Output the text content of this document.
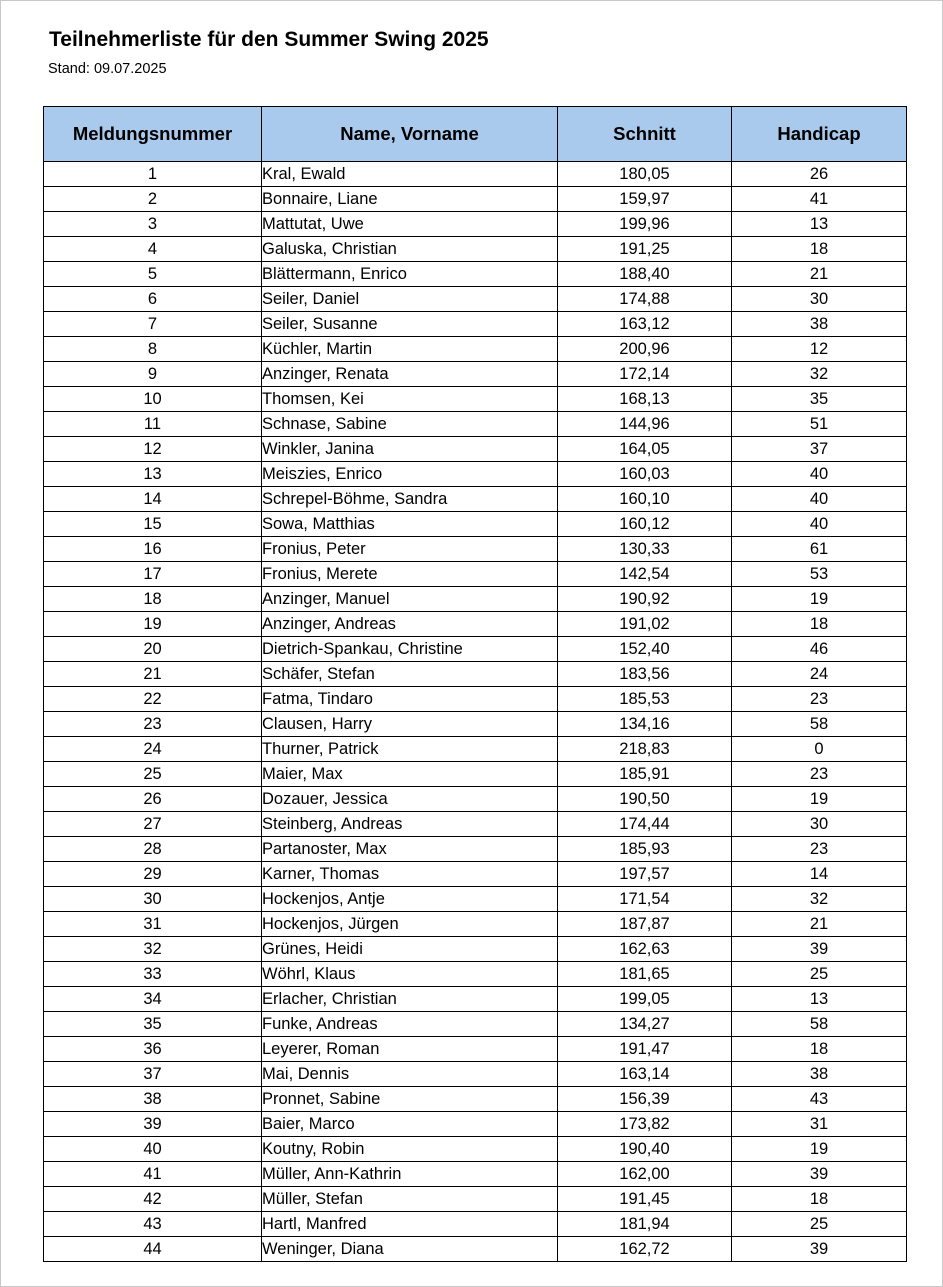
Teilnehmerliste für den Summer Swing 2025
Stand: 09.07.2025
Meldungsnummer	Name, Vorname	Schnitt	Handicap
1	Kral, Ewald	180,05	26
2	Bonnaire, Liane	159,97	41
3	Mattutat, Uwe	199,96	13
4	Galuska, Christian	191,25	18
5	Blättermann, Enrico	188,40	21
6	Seiler, Daniel	174,88	30
7	Seiler, Susanne	163,12	38
8	Küchler, Martin	200,96	12
9	Anzinger, Renata	172,14	32
10	Thomsen, Kei	168,13	35
11	Schnase, Sabine	144,96	51
12	Winkler, Janina	164,05	37
13	Meiszies, Enrico	160,03	40
14	Schrepel-Böhme, Sandra	160,10	40
15	Sowa, Matthias	160,12	40
16	Fronius, Peter	130,33	61
17	Fronius, Merete	142,54	53
18	Anzinger, Manuel	190,92	19
19	Anzinger, Andreas	191,02	18
20	Dietrich-Spankau, Christine	152,40	46
21	Schäfer, Stefan	183,56	24
22	Fatma, Tindaro	185,53	23
23	Clausen, Harry	134,16	58
24	Thurner, Patrick	218,83	0
25	Maier, Max	185,91	23
26	Dozauer, Jessica	190,50	19
27	Steinberg, Andreas	174,44	30
28	Partanoster, Max	185,93	23
29	Karner, Thomas	197,57	14
30	Hockenjos, Antje	171,54	32
31	Hockenjos, Jürgen	187,87	21
32	Grünes, Heidi	162,63	39
33	Wöhrl, Klaus	181,65	25
34	Erlacher, Christian	199,05	13
35	Funke, Andreas	134,27	58
36	Leyerer, Roman	191,47	18
37	Mai, Dennis	163,14	38
38	Pronnet, Sabine	156,39	43
39	Baier, Marco	173,82	31
40	Koutny, Robin	190,40	19
41	Müller, Ann-Kathrin	162,00	39
42	Müller, Stefan	191,45	18
43	Hartl, Manfred	181,94	25
44	Weninger, Diana	162,72	39
